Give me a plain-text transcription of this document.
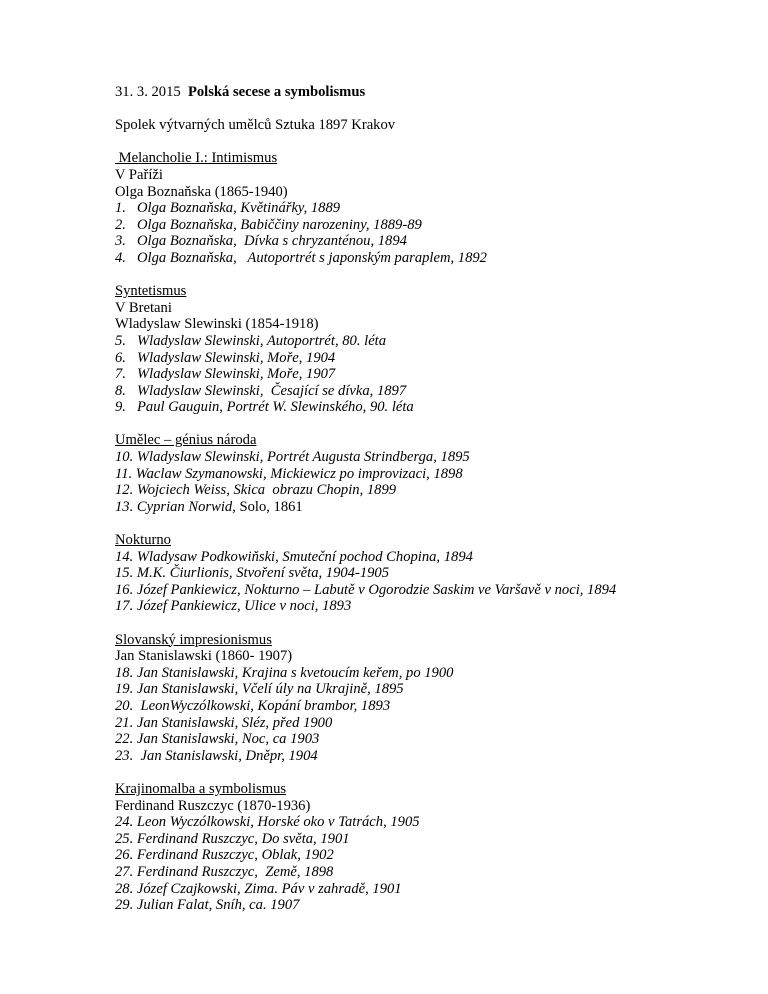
31. 3. 2015 Polská secese a symbolismus
Spolek výtvarných umělců Sztuka 1897 Krakov
Melancholie I.: Intimismus
V Paříži
Olga Boznaňska (1865-1940)
1. Olga Boznaňska, Květinářky, 1889
2. Olga Boznaňska, Babiččiny narozeniny, 1889-89
3. Olga Boznaňska,  Dívka s chryzanténou, 1894
4. Olga Boznaňska,   Autoportrét s japonským paraplem, 1892
Syntetismus
V Bretani
Wladyslaw Slewinski (1854-1918)
5. Wladyslaw Slewinski, Autoportrét, 80. léta
6. Wladyslaw Slewinski, Moře, 1904
7. Wladyslaw Slewinski, Moře, 1907
8. Wladyslaw Slewinski,  Česající se dívka, 1897
9. Paul Gauguin, Portrét W. Slewinského, 90. léta
Umělec – génius národa
10. Wladyslaw Slewinski, Portrét Augusta Strindberga, 1895
11. Waclaw Szymanowski, Mickiewicz po improvizaci, 1898
12. Wojciech Weiss, Skica  obrazu Chopin, 1899
13. Cyprian Norwid, Solo, 1861
Nokturno
14. Wladysaw Podkowiňski, Smuteční pochod Chopina, 1894
15. M.K. Čiurlionis, Stvoření světa, 1904-1905
16. Józef Pankiewicz, Nokturno – Labutě v Ogorodzie Saskim ve Varšavě v noci, 1894
17. Józef Pankiewicz, Ulice v noci, 1893
Slovanský impresionismus
Jan Stanislawski (1860- 1907)
18. Jan Stanislawski, Krajina s kvetoucím keřem, po 1900
19. Jan Stanislawski, Včelí úly na Ukrajině, 1895
20.  LeonWyczólkowski, Kopání brambor, 1893
21. Jan Stanislawski, Sléz, před 1900
22. Jan Stanislawski, Noc, ca 1903
23.  Jan Stanislawski, Dněpr, 1904
Krajinomalba a symbolismus
Ferdinand Ruszczyc (1870-1936)
24. Leon Wyczólkowski, Horské oko v Tatrách, 1905
25. Ferdinand Ruszczyc, Do světa, 1901
26. Ferdinand Ruszczyc, Oblak, 1902
27. Ferdinand Ruszczyc,  Země, 1898
28. Józef Czajkowski, Zima. Páv v zahradě, 1901
29. Julian Falat, Sníh, ca. 1907
